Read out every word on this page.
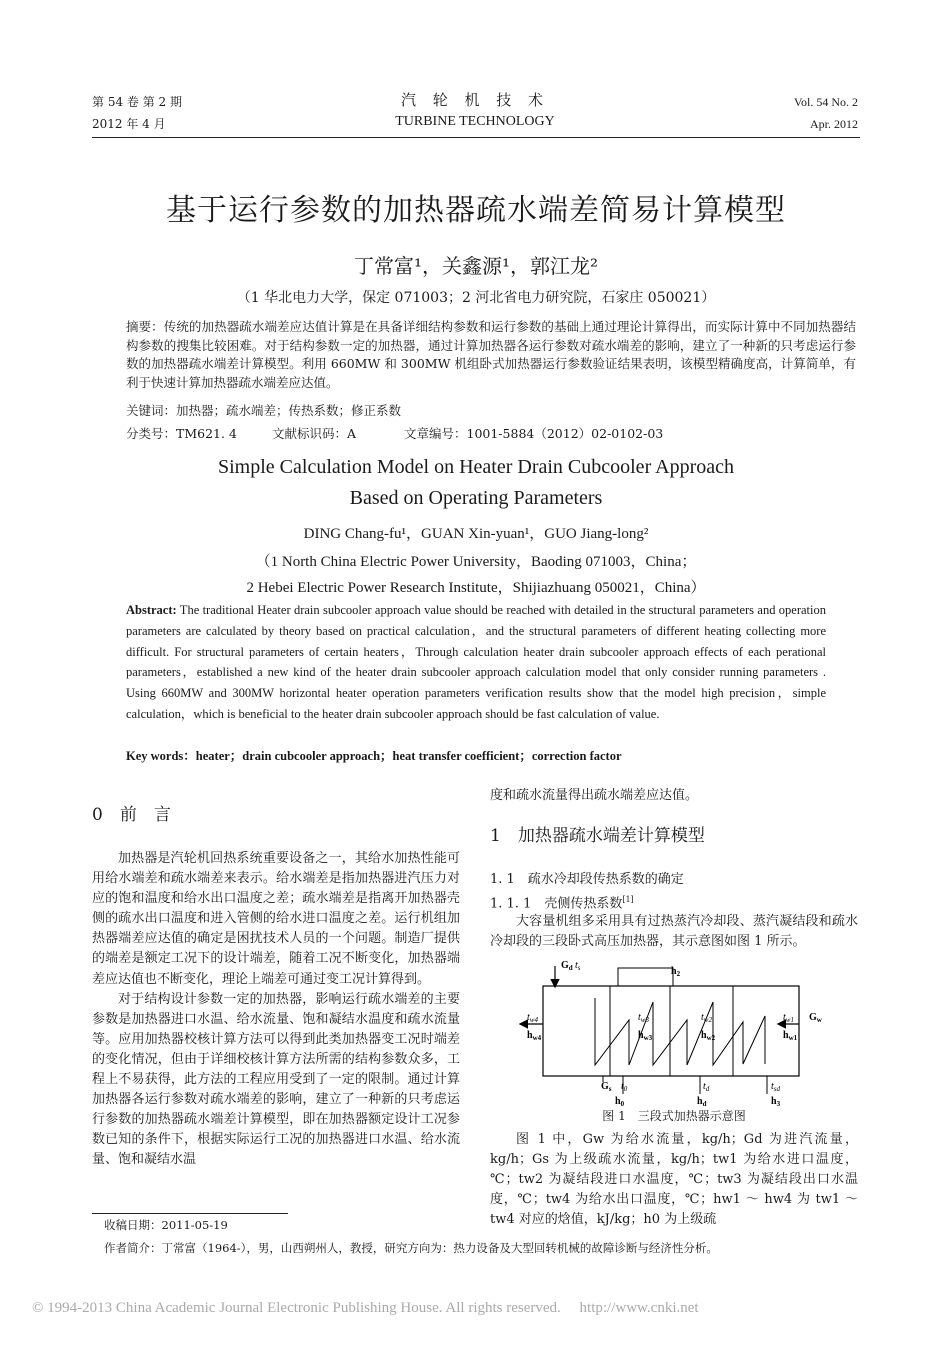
第 54 卷 第 2 期
2012 年 4 月
汽 轮 机 技 术
TURBINE TECHNOLOGY
Vol. 54 No. 2
Apr. 2012
基于运行参数的加热器疏水端差简易计算模型
丁常富¹，关鑫源¹，郭江龙²
（1 华北电力大学，保定 071003；2 河北省电力研究院，石家庄 050021）
摘要：传统的加热器疏水端差应达值计算是在具备详细结构参数和运行参数的基础上通过理论计算得出，而实际计算中不同加热器结构参数的搜集比较困难。对于结构参数一定的加热器，通过计算加热器各运行参数对疏水端差的影响，建立了一种新的只考虑运行参数的加热器疏水端差计算模型。利用 660MW 和 300MW 机组卧式加热器运行参数验证结果表明，该模型精确度高，计算简单，有利于快速计算加热器疏水端差应达值。
关键词：加热器；疏水端差；传热系数；修正系数
分类号：TM621. 4	文献标识码：A	文章编号：1001-5884（2012）02-0102-03
Simple Calculation Model on Heater Drain Cubcooler Approach
Based on Operating Parameters
DING Chang-fu¹，GUAN Xin-yuan¹，GUO Jiang-long²
（1 North China Electric Power University，Baoding 071003，China；
2 Hebei Electric Power Research Institute，Shijiazhuang 050021，China）
Abstract: The traditional Heater drain subcooler approach value should be reached with detailed in the structural parameters and operation parameters are calculated by theory based on practical calculation，and the structural parameters of different heating collecting more difficult. For structural parameters of certain heaters，Through calculation heater drain subcooler approach effects of each perational parameters，established a new kind of the heater drain subcooler approach calculation model that only consider running parameters . Using 660MW and 300MW horizontal heater operation parameters verification results show that the model high precision，simple calculation，which is beneficial to the heater drain subcooler approach should be fast calculation of value.
Key words：heater；drain cubcooler approach；heat transfer coefficient；correction factor
0　前　言

加热器是汽轮机回热系统重要设备之一，其给水加热性能可用给水端差和疏水端差来表示。给水端差是指加热器进汽压力对应的饱和温度和给水出口温度之差；疏水端差是指离开加热器壳侧的疏水出口温度和进入管侧的给水进口温度之差。运行机组加热器端差应达值的确定是困扰技术人员的一个问题。制造厂提供的端差是额定工况下的设计端差，随着工况不断变化，加热器端差应达值也不断变化，理论上端差可通过变工况计算得到。

对于结构设计参数一定的加热器，影响运行疏水端差的主要参数是加热器进口水温、给水流量、饱和凝结水温度和疏水流量等。应用加热器校核计算方法可以得到此类加热器变工况时端差的变化情况，但由于详细校核计算方法所需的结构参数众多，工程上不易获得，此方法的工程应用受到了一定的限制。通过计算加热器各运行参数对疏水端差的影响，建立了一种新的只考虑运行参数的加热器疏水端差计算模型，即在加热器额定设计工况参数已知的条件下，根据实际运行工况的加热器进口水温、给水流量、饱和凝结水温

收稿日期：2011-05-19
作者简介：丁常富（1964-），男，山西朔州人，教授，研究方向为：热力设备及大型回转机械的故障诊断与经济性分析。
度和疏水流量得出疏水端差应达值。
1　加热器疏水端差计算模型
1. 1　疏水冷却段传热系数的确定
1. 1. 1　壳侧传热系数[1]

大容量机组多采用具有过热蒸汽冷却段、蒸汽凝结段和疏水冷却段的三段卧式高压加热器，其示意图如图 1 所示。

$G_d$ $t_s$	$h_2$
$t_{w4}$
$h_{w4}$
$t_{w3}$
$h_{w3}$
$t_{w2}$
$h_{w2}$
$t_{w1}$
$h_{w1}$
$G_w$
$G_s$ $t_0$
$h_0$
$t_d$
$h_d$
$t_{sd}$
$h_3$
图 1　三段式加热器示意图

图 1 中，Gw 为给水流量，kg/h；Gd 为进汽流量，kg/h；Gs 为上级疏水流量，kg/h；tw1 为给水进口温度，℃；tw2 为凝结段进口水温度，℃；tw3 为凝结段出口水温度，℃；tw4 为给水出口温度，℃；hw1 ～ hw4 为 tw1 ～ tw4 对应的焓值，kJ/kg；h0 为上级疏

© 1994-2013 China Academic Journal Electronic Publishing House. All rights reserved.　 http://www.cnki.net
